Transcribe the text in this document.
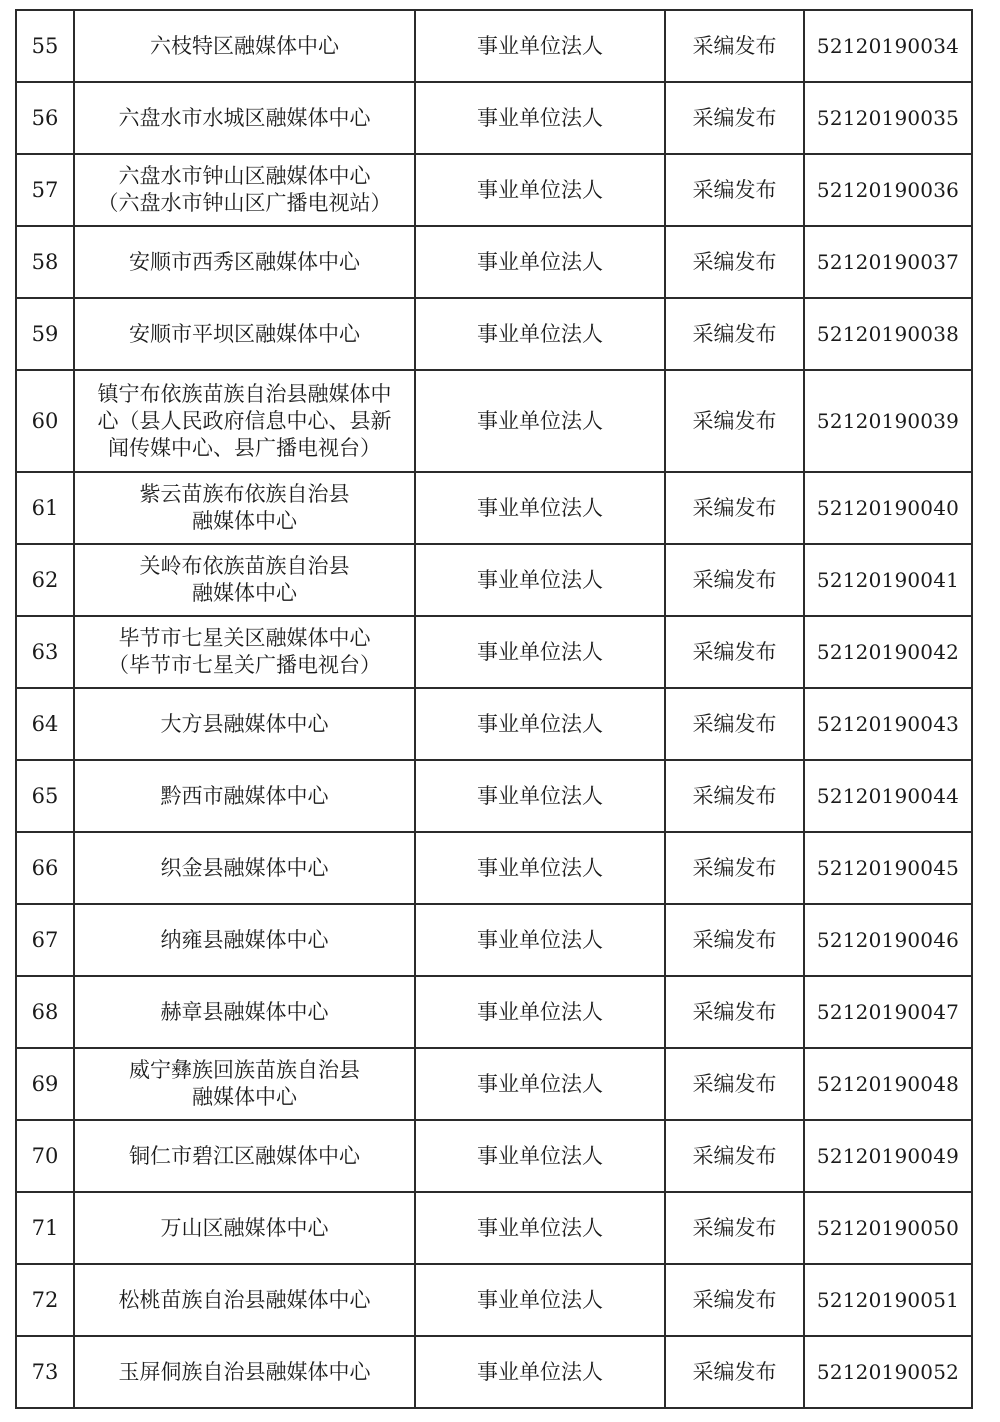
55	六枝特区融媒体中心	事业单位法人	采编发布	52120190034
56	六盘水市水城区融媒体中心	事业单位法人	采编发布	52120190035
57	六盘水市钟山区融媒体中心
（六盘水市钟山区广播电视站）	事业单位法人	采编发布	52120190036
58	安顺市西秀区融媒体中心	事业单位法人	采编发布	52120190037
59	安顺市平坝区融媒体中心	事业单位法人	采编发布	52120190038
60	镇宁布依族苗族自治县融媒体中
心（县人民政府信息中心、县新
闻传媒中心、县广播电视台）	事业单位法人	采编发布	52120190039
61	紫云苗族布依族自治县
融媒体中心	事业单位法人	采编发布	52120190040
62	关岭布依族苗族自治县
融媒体中心	事业单位法人	采编发布	52120190041
63	毕节市七星关区融媒体中心
（毕节市七星关广播电视台）	事业单位法人	采编发布	52120190042
64	大方县融媒体中心	事业单位法人	采编发布	52120190043
65	黔西市融媒体中心	事业单位法人	采编发布	52120190044
66	织金县融媒体中心	事业单位法人	采编发布	52120190045
67	纳雍县融媒体中心	事业单位法人	采编发布	52120190046
68	赫章县融媒体中心	事业单位法人	采编发布	52120190047
69	威宁彝族回族苗族自治县
融媒体中心	事业单位法人	采编发布	52120190048
70	铜仁市碧江区融媒体中心	事业单位法人	采编发布	52120190049
71	万山区融媒体中心	事业单位法人	采编发布	52120190050
72	松桃苗族自治县融媒体中心	事业单位法人	采编发布	52120190051
73	玉屏侗族自治县融媒体中心	事业单位法人	采编发布	52120190052
